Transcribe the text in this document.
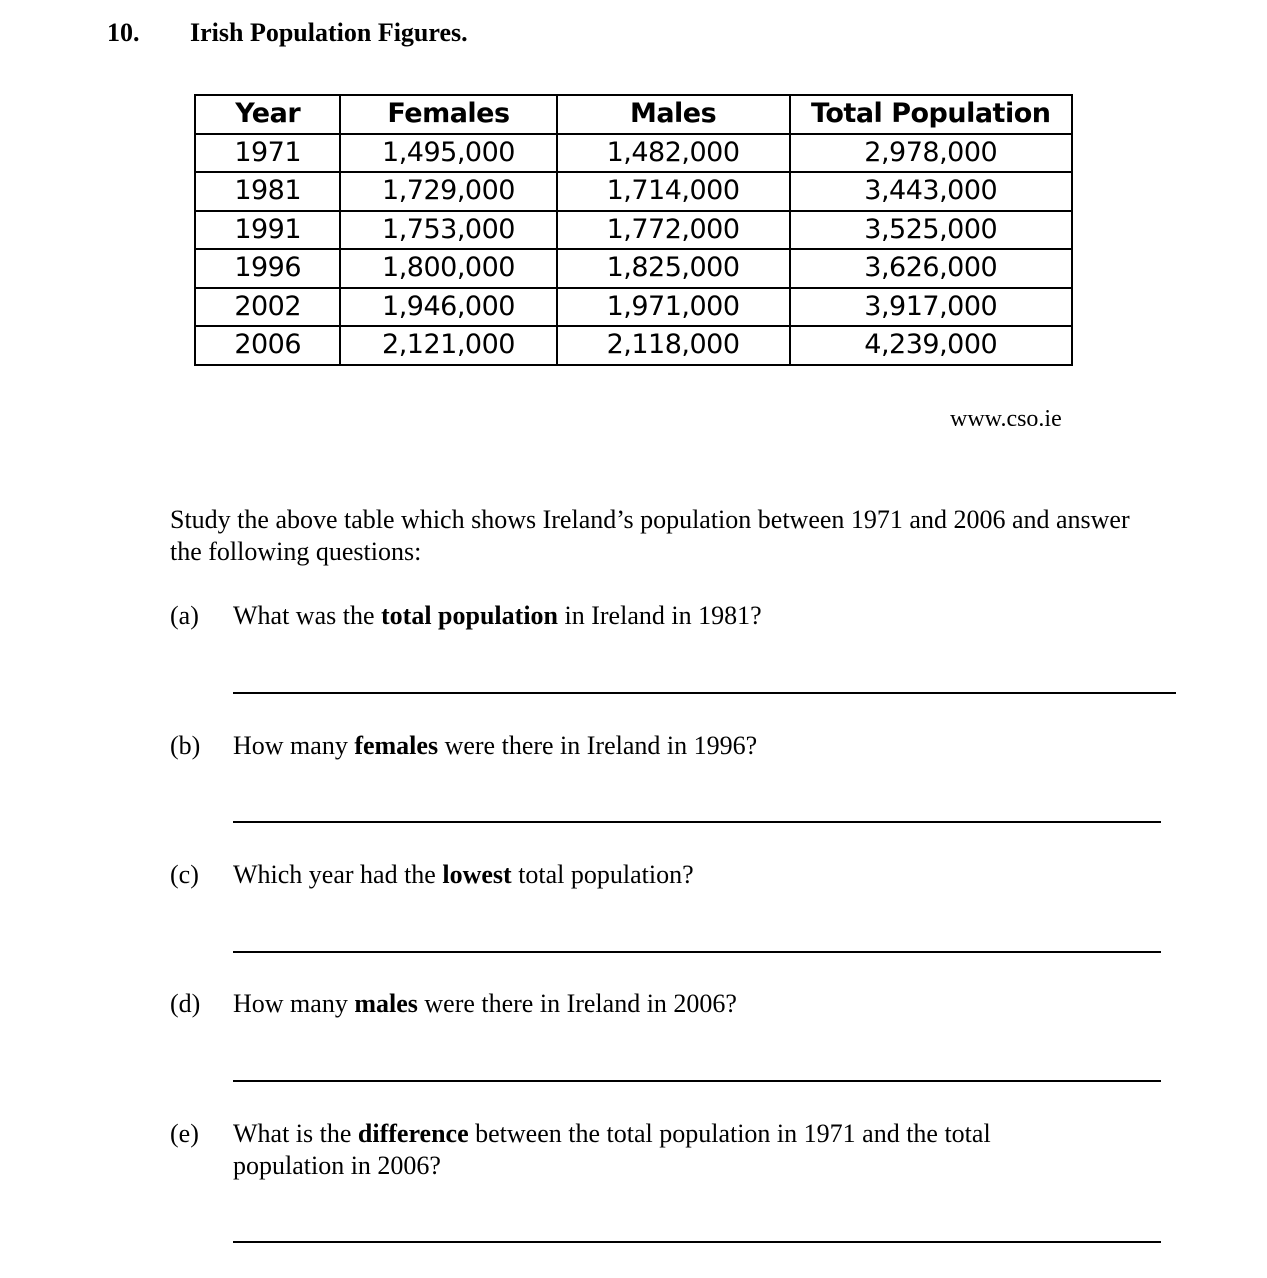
10. Irish Population Figures.
Year	Females	Males	Total Population
1971	1,495,000	1,482,000	2,978,000
1981	1,729,000	1,714,000	3,443,000
1991	1,753,000	1,772,000	3,525,000
1996	1,800,000	1,825,000	3,626,000
2002	1,946,000	1,971,000	3,917,000
2006	2,121,000	2,118,000	4,239,000
www.cso.ie
Study the above table which shows Ireland’s population between 1971 and 2006 and answer the following questions:
(a) What was the total population in Ireland in 1981?
(b) How many females were there in Ireland in 1996?
(c) Which year had the lowest total population?
(d) How many males were there in Ireland in 2006?
(e) What is the difference between the total population in 1971 and the total population in 2006?
